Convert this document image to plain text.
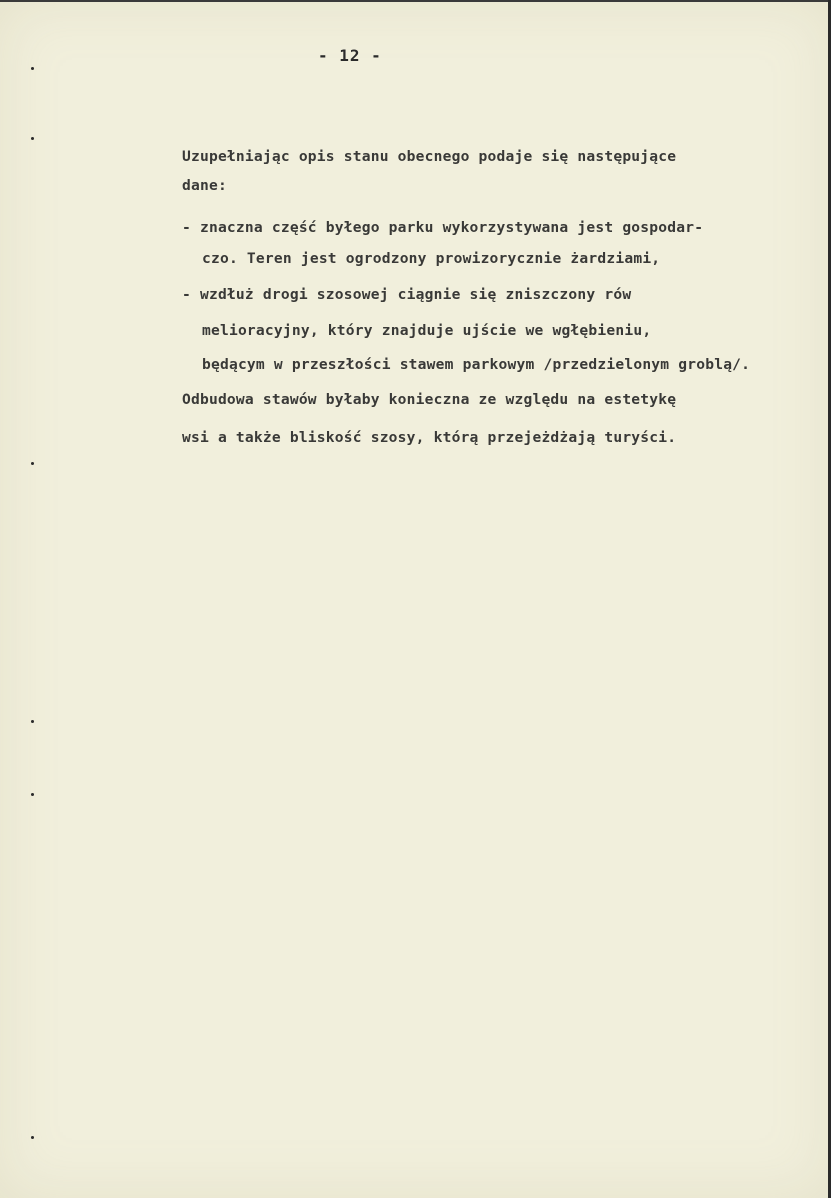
- 12 -
Uzupełniając opis stanu obecnego podaje się następujące
dane:
- znaczna część byłego parku wykorzystywana jest gospodar-
czo. Teren jest ogrodzony prowizorycznie żardziami,
- wzdłuż drogi szosowej ciągnie się zniszczony rów
melioracyjny, który znajduje ujście we wgłębieniu,
będącym w przeszłości stawem parkowym /przedzielonym groblą/.
Odbudowa stawów byłaby konieczna ze względu na estetykę
wsi a także bliskość szosy, którą przejeżdżają turyści.
